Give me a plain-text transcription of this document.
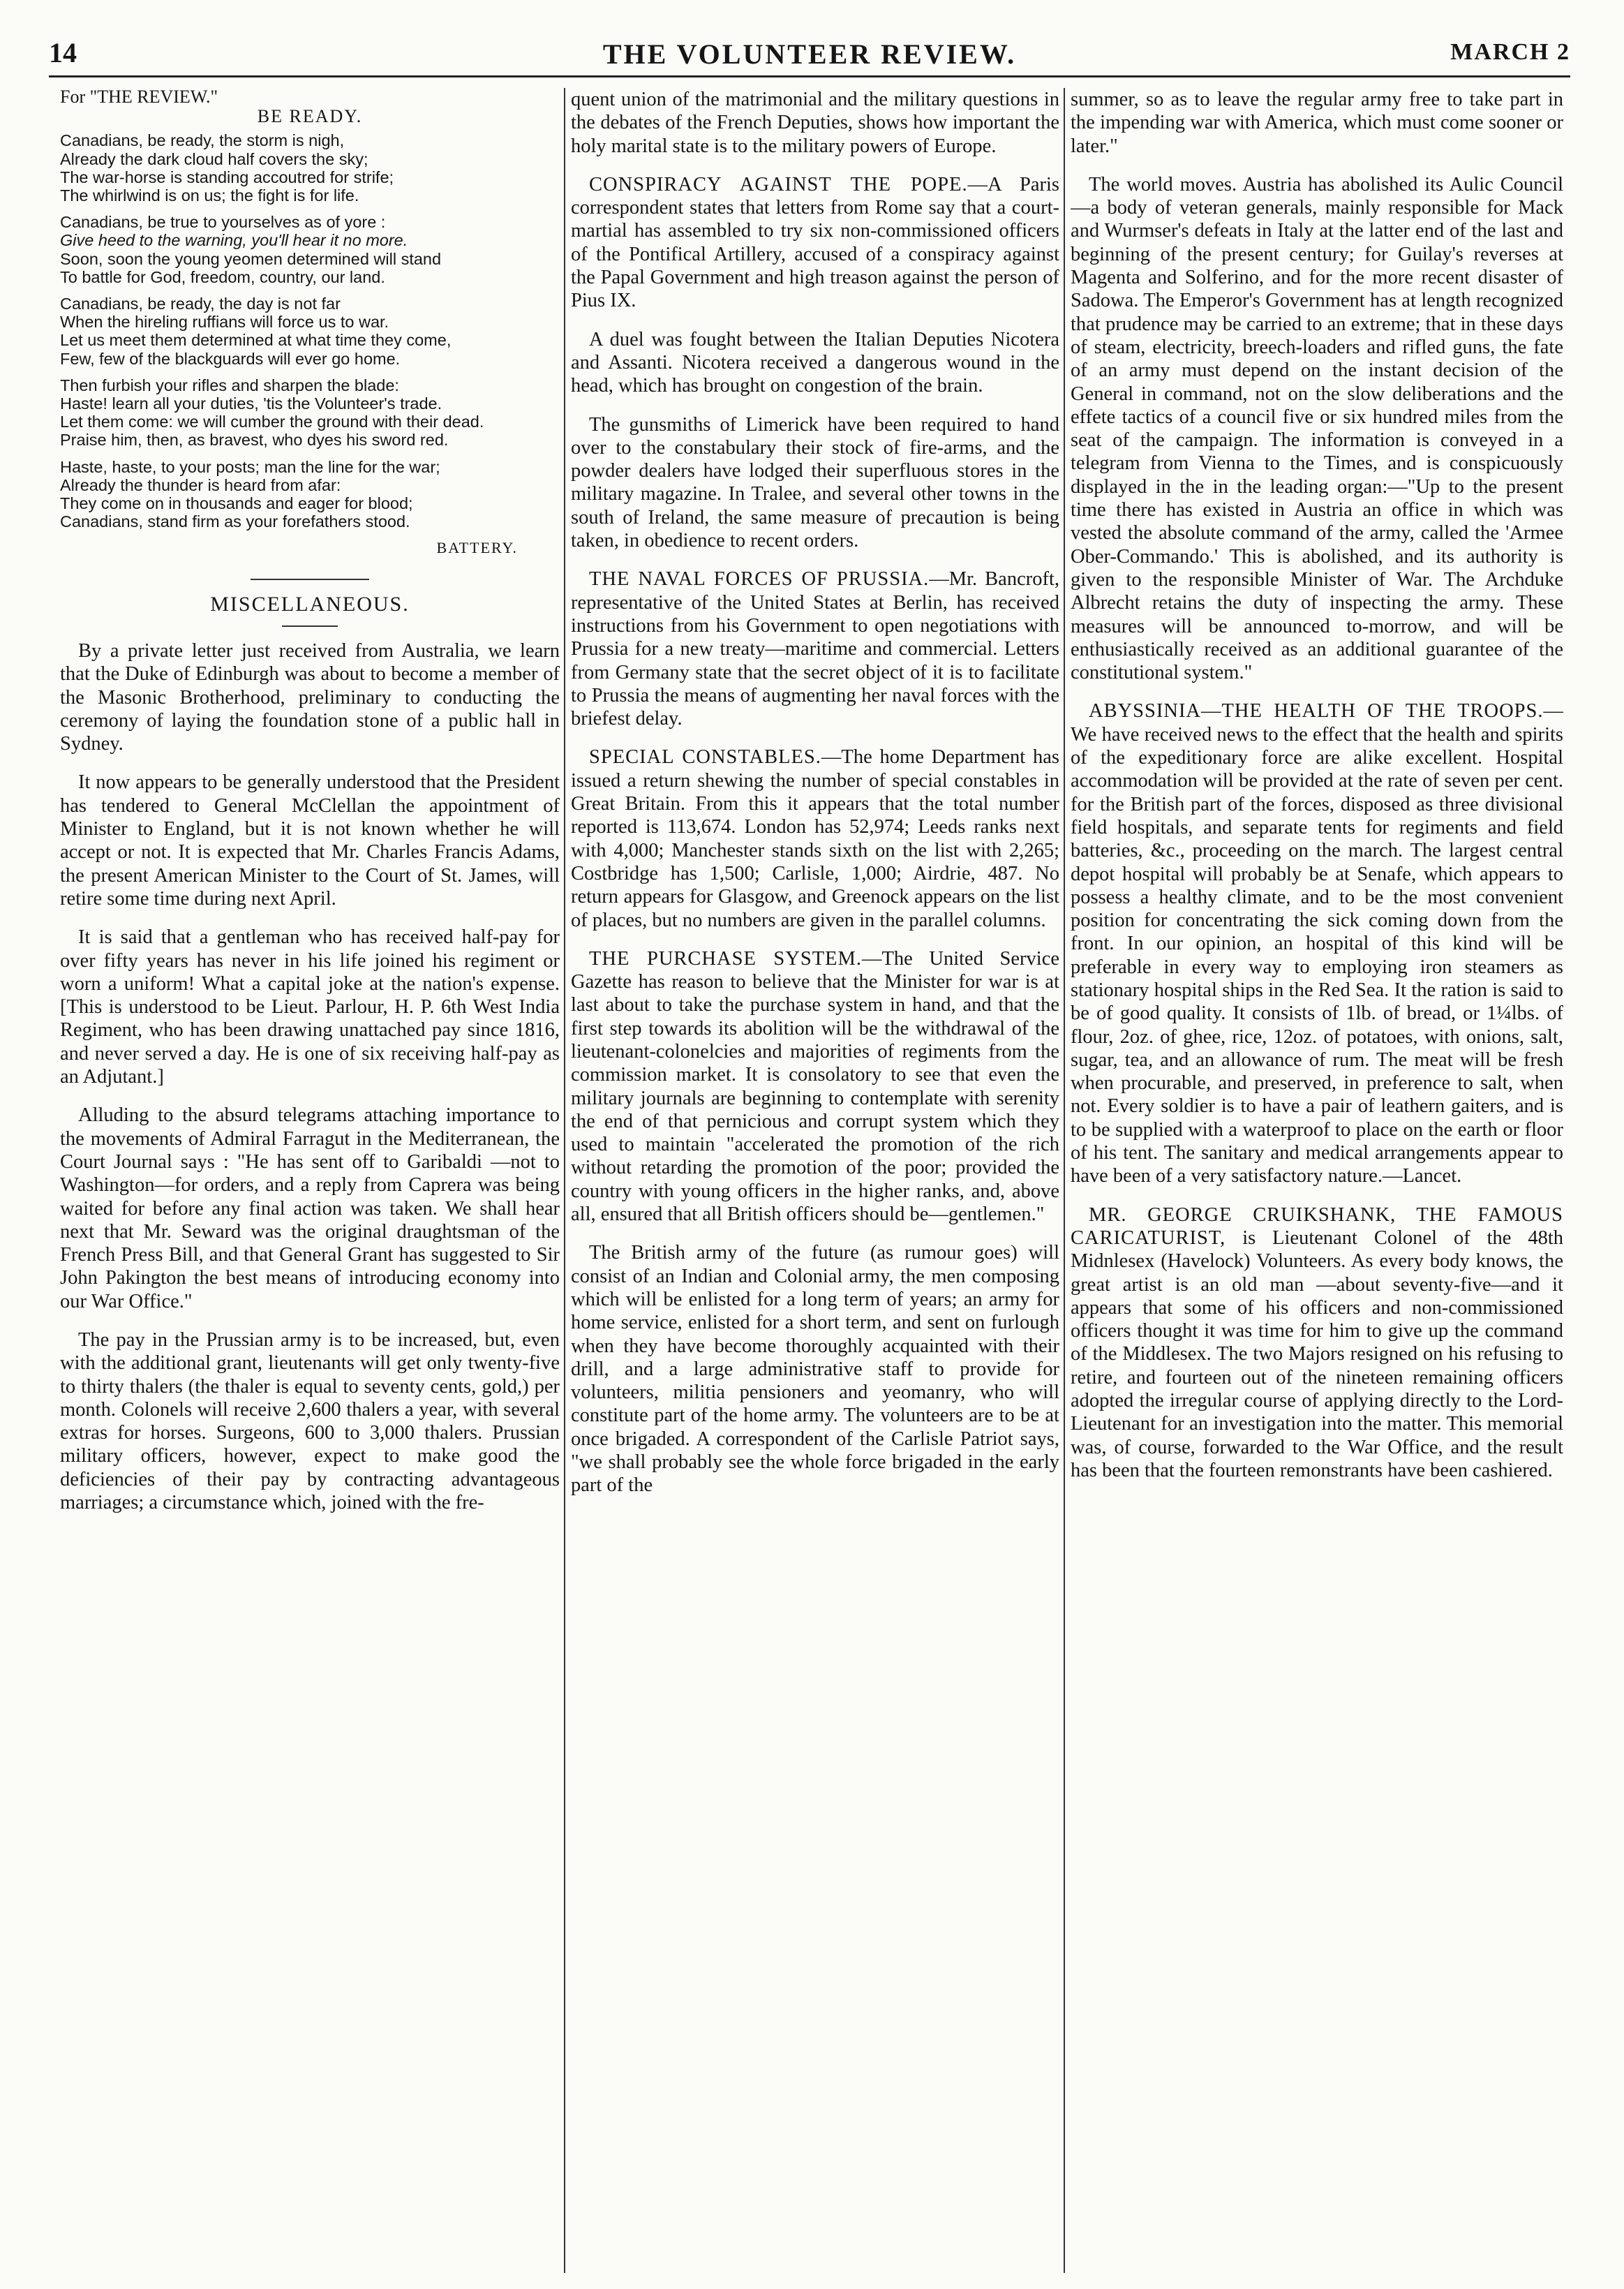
14	THE VOLUNTEER REVIEW.	MARCH 2
For "THE REVIEW."
BE READY.
Canadians, be ready, the storm is nigh,
Already the dark cloud half covers the sky;
The war-horse is standing accoutred for strife;
The whirlwind is on us; the fight is for life.
Canadians, be true to yourselves as of yore :
Give heed to the warning, you'll hear it no more.
Soon, soon the young yeomen determined will stand
To battle for God, freedom, country, our land.
Canadians, be ready, the day is not far
When the hireling ruffians will force us to war.
Let us meet them determined at what time they come,
Few, few of the blackguards will ever go home.
Then furbish your rifles and sharpen the blade:
Haste! learn all your duties, 'tis the Volunteer's trade.
Let them come: we will cumber the ground with their dead.
Praise him, then, as bravest, who dyes his sword red.
Haste, haste, to your posts; man the line for the war;
Already the thunder is heard from afar:
They come on in thousands and eager for blood;
Canadians, stand firm as your forefathers stood.
BATTERY.
MISCELLANEOUS.

By a private letter just received from Australia, we learn that the Duke of Edinburgh was about to become a member of the Masonic Brotherhood, preliminary to conducting the ceremony of laying the foundation stone of a public hall in Sydney.

It now appears to be generally understood that the President has tendered to General McClellan the appointment of Minister to England, but it is not known whether he will accept or not. It is expected that Mr. Charles Francis Adams, the present American Minister to the Court of St. James, will retire some time during next April.

It is said that a gentleman who has received half-pay for over fifty years has never in his life joined his regiment or worn a uniform! What a capital joke at the nation's expense. [This is understood to be Lieut. Parlour, H. P. 6th West India Regiment, who has been drawing unattached pay since 1816, and never served a day. He is one of six receiving half-pay as an Adjutant.]

Alluding to the absurd telegrams attaching importance to the movements of Admiral Farragut in the Mediterranean, the Court Journal says : "He has sent off to Garibaldi —not to Washington—for orders, and a reply from Caprera was being waited for before any final action was taken. We shall hear next that Mr. Seward was the original draughtsman of the French Press Bill, and that General Grant has suggested to Sir John Pakington the best means of introducing economy into our War Office."

The pay in the Prussian army is to be increased, but, even with the additional grant, lieutenants will get only twenty-five to thirty thalers (the thaler is equal to seventy cents, gold,) per month. Colonels will receive 2,600 thalers a year, with several extras for horses. Surgeons, 600 to 3,000 thalers. Prussian military officers, however, expect to make good the deficiencies of their pay by contracting advantageous marriages; a circumstance which, joined with the fre-

quent union of the matrimonial and the military questions in the debates of the French Deputies, shows how important the holy marital state is to the military powers of Europe.

CONSPIRACY AGAINST THE POPE.—A Paris correspondent states that letters from Rome say that a court-martial has assembled to try six non-commissioned officers of the Pontifical Artillery, accused of a conspiracy against the Papal Government and high treason against the person of Pius IX.

A duel was fought between the Italian Deputies Nicotera and Assanti. Nicotera received a dangerous wound in the head, which has brought on congestion of the brain.

The gunsmiths of Limerick have been required to hand over to the constabulary their stock of fire-arms, and the powder dealers have lodged their superfluous stores in the military magazine. In Tralee, and several other towns in the south of Ireland, the same measure of precaution is being taken, in obedience to recent orders.

THE NAVAL FORCES OF PRUSSIA.—Mr. Bancroft, representative of the United States at Berlin, has received instructions from his Government to open negotiations with Prussia for a new treaty—maritime and commercial. Letters from Germany state that the secret object of it is to facilitate to Prussia the means of augmenting her naval forces with the briefest delay.

SPECIAL CONSTABLES.—The home Department has issued a return shewing the number of special constables in Great Britain. From this it appears that the total number reported is 113,674. London has 52,974; Leeds ranks next with 4,000; Manchester stands sixth on the list with 2,265; Costbridge has 1,500; Carlisle, 1,000; Airdrie, 487. No return appears for Glasgow, and Greenock appears on the list of places, but no numbers are given in the parallel columns.

THE PURCHASE SYSTEM.—The United Service Gazette has reason to believe that the Minister for war is at last about to take the purchase system in hand, and that the first step towards its abolition will be the withdrawal of the lieutenant-colonelcies and majorities of regiments from the commission market. It is consolatory to see that even the military journals are beginning to contemplate with serenity the end of that pernicious and corrupt system which they used to maintain "accelerated the promotion of the rich without retarding the promotion of the poor; provided the country with young officers in the higher ranks, and, above all, ensured that all British officers should be—gentlemen."

The British army of the future (as rumour goes) will consist of an Indian and Colonial army, the men composing which will be enlisted for a long term of years; an army for home service, enlisted for a short term, and sent on furlough when they have become thoroughly acquainted with their drill, and a large administrative staff to provide for volunteers, militia pensioners and yeomanry, who will constitute part of the home army. The volunteers are to be at once brigaded. A correspondent of the Carlisle Patriot says, "we shall probably see the whole force brigaded in the early part of the

summer, so as to leave the regular army free to take part in the impending war with America, which must come sooner or later."

The world moves. Austria has abolished its Aulic Council—a body of veteran generals, mainly responsible for Mack and Wurmser's defeats in Italy at the latter end of the last and beginning of the present century; for Guilay's reverses at Magenta and Solferino, and for the more recent disaster of Sadowa. The Emperor's Government has at length recognized that prudence may be carried to an extreme; that in these days of steam, electricity, breech-loaders and rifled guns, the fate of an army must depend on the instant decision of the General in command, not on the slow deliberations and the effete tactics of a council five or six hundred miles from the seat of the campaign. The information is conveyed in a telegram from Vienna to the Times, and is conspicuously displayed in the in the leading organ:—"Up to the present time there has existed in Austria an office in which was vested the absolute command of the army, called the 'Armee Ober-Commando.' This is abolished, and its authority is given to the responsible Minister of War. The Archduke Albrecht retains the duty of inspecting the army. These measures will be announced to-morrow, and will be enthusiastically received as an additional guarantee of the constitutional system."

ABYSSINIA—THE HEALTH OF THE TROOPS.—We have received news to the effect that the health and spirits of the expeditionary force are alike excellent. Hospital accommodation will be provided at the rate of seven per cent. for the British part of the forces, disposed as three divisional field hospitals, and separate tents for regiments and field batteries, &c., proceeding on the march. The largest central depot hospital will probably be at Senafe, which appears to possess a healthy climate, and to be the most convenient position for concentrating the sick coming down from the front. In our opinion, an hospital of this kind will be preferable in every way to employing iron steamers as stationary hospital ships in the Red Sea. It the ration is said to be of good quality. It consists of 1lb. of bread, or 1¼lbs. of flour, 2oz. of ghee, rice, 12oz. of potatoes, with onions, salt, sugar, tea, and an allowance of rum. The meat will be fresh when procurable, and preserved, in preference to salt, when not. Every soldier is to have a pair of leathern gaiters, and is to be supplied with a waterproof to place on the earth or floor of his tent. The sanitary and medical arrangements appear to have been of a very satisfactory nature.—Lancet.

MR. GEORGE CRUIKSHANK, THE FAMOUS CARICATURIST, is Lieutenant Colonel of the 48th Midnlesex (Havelock) Volunteers. As every body knows, the great artist is an old man —about seventy-five—and it appears that some of his officers and non-commissioned officers thought it was time for him to give up the command of the Middlesex. The two Majors resigned on his refusing to retire, and fourteen out of the nineteen remaining officers adopted the irregular course of applying directly to the Lord-Lieutenant for an investigation into the matter. This memorial was, of course, forwarded to the War Office, and the result has been that the fourteen remonstrants have been cashiered.
